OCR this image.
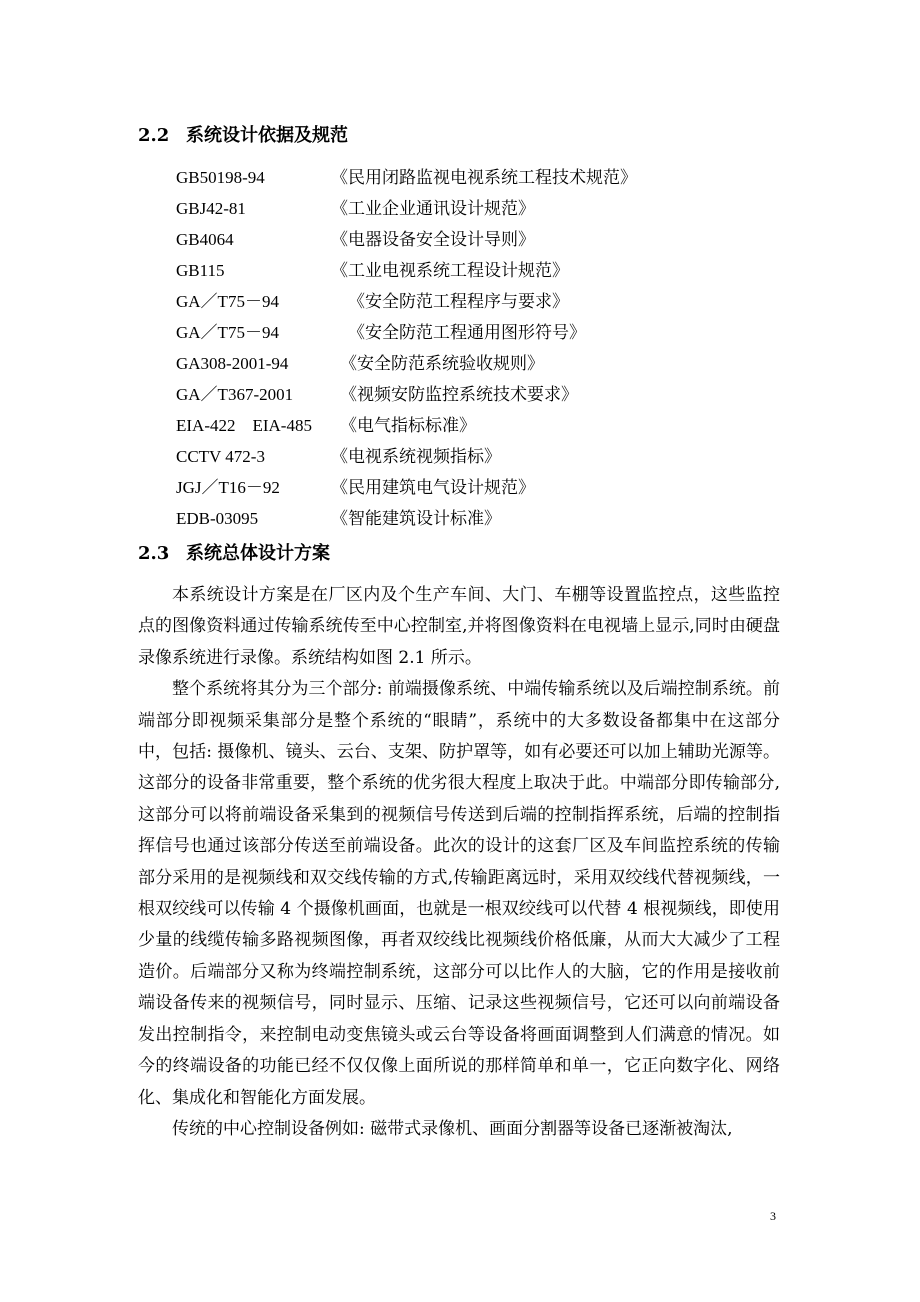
2.2 系统设计依据及规范
GB50198-94	《民用闭路监视电视系统工程技术规范》
GBJ42-81	《工业企业通讯设计规范》
GB4064	《电器设备安全设计导则》
GB115	《工业电视系统工程设计规范》
GA／T75－94	《安全防范工程程序与要求》
GA／T75－94	《安全防范工程通用图形符号》
GA308-2001-94	《安全防范系统验收规则》
GA／T367-2001	《视频安防监控系统技术要求》
EIA-422　EIA-485 《电气指标标准》
CCTV 472-3	《电视系统视频指标》
JGJ／T16－92	《民用建筑电气设计规范》
EDB-03095	《智能建筑设计标准》
2.3 系统总体设计方案

本系统设计方案是在厂区内及个生产车间、大门、车棚等设置监控点，这些监控点的图像资料通过传输系统传至中心控制室,并将图像资料在电视墙上显示,同时由硬盘录像系统进行录像。系统结构如图 2.1 所示。

整个系统将其分为三个部分: 前端摄像系统、中端传输系统以及后端控制系统。前端部分即视频采集部分是整个系统的“眼睛”，系统中的大多数设备都集中在这部分中，包括: 摄像机、镜头、云台、支架、防护罩等，如有必要还可以加上辅助光源等。这部分的设备非常重要，整个系统的优劣很大程度上取决于此。中端部分即传输部分,这部分可以将前端设备采集到的视频信号传送到后端的控制指挥系统，后端的控制指挥信号也通过该部分传送至前端设备。此次的设计的这套厂区及车间监控系统的传输部分采用的是视频线和双交线传输的方式,传输距离远时，采用双绞线代替视频线，一根双绞线可以传输 4 个摄像机画面，也就是一根双绞线可以代替 4 根视频线，即使用少量的线缆传输多路视频图像，再者双绞线比视频线价格低廉，从而大大减少了工程造价。后端部分又称为终端控制系统，这部分可以比作人的大脑，它的作用是接收前端设备传来的视频信号，同时显示、压缩、记录这些视频信号，它还可以向前端设备发出控制指令，来控制电动变焦镜头或云台等设备将画面调整到人们满意的情况。如今的终端设备的功能已经不仅仅像上面所说的那样简单和单一，它正向数字化、网络化、集成化和智能化方面发展。

传统的中心控制设备例如: 磁带式录像机、画面分割器等设备已逐渐被淘汰,

3
